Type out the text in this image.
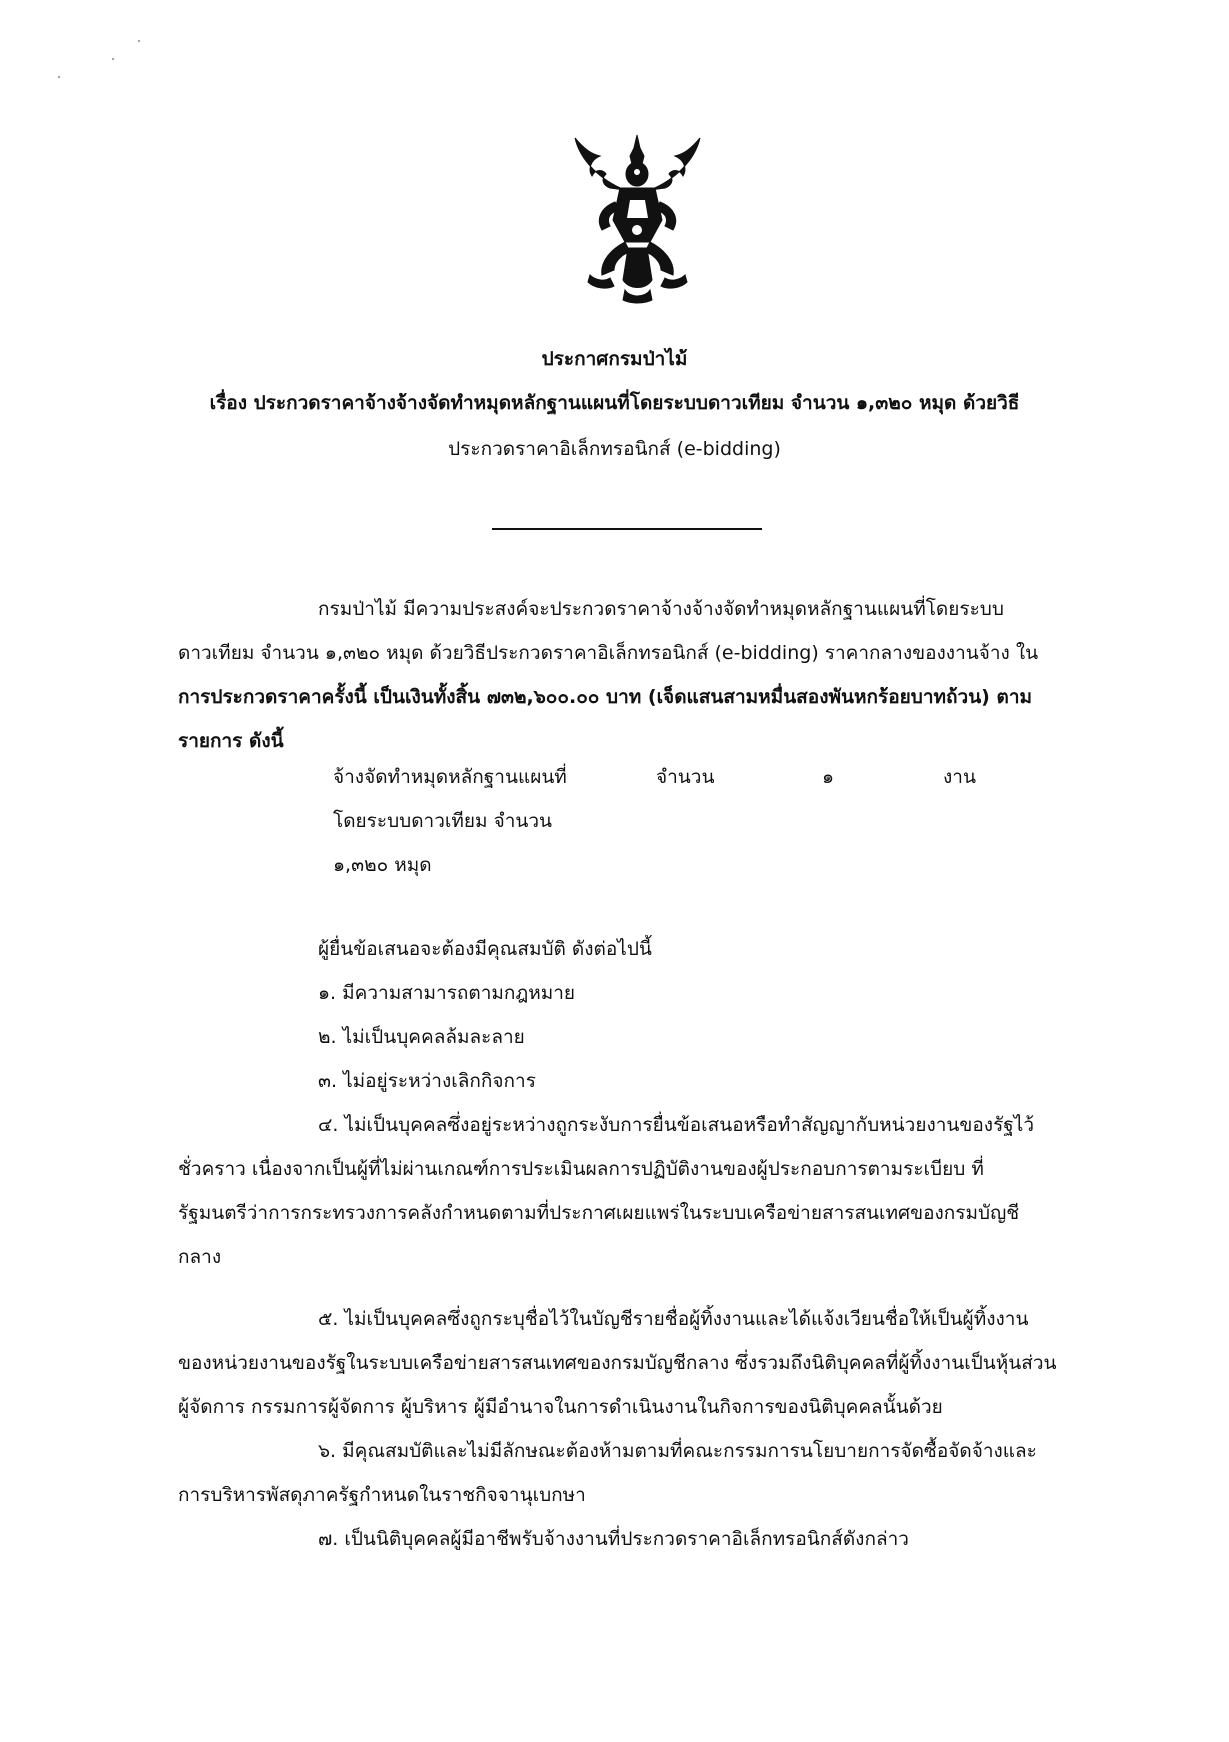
ประกาศกรมป่าไม้
เรื่อง ประกวดราคาจ้างจ้างจัดทำหมุดหลักฐานแผนที่โดยระบบดาวเทียม จำนวน ๑,๓๒๐ หมุด ด้วยวิธี
ประกวดราคาอิเล็กทรอนิกส์ (e-bidding)
กรมป่าไม้ มีความประสงค์จะประกวดราคาจ้างจ้างจัดทำหมุดหลักฐานแผนที่โดยระบบ
ดาวเทียม จำนวน ๑,๓๒๐ หมุด ด้วยวิธีประกวดราคาอิเล็กทรอนิกส์ (e-bidding) ราคากลางของงานจ้าง ใน
การประกวดราคาครั้งนี้ เป็นเงินทั้งสิ้น ๗๓๒,๖๐๐.๐๐ บาท (เจ็ดแสนสามหมื่นสองพันหกร้อยบาทถ้วน) ตาม
รายการ ดังนี้
จ้างจัดทำหมุดหลักฐานแผนที่
โดยระบบดาวเทียม จำนวน
๑,๓๒๐ หมุด
จำนวน	๑	งาน
ผู้ยื่นข้อเสนอจะต้องมีคุณสมบัติ ดังต่อไปนี้
๑. มีความสามารถตามกฎหมาย
๒. ไม่เป็นบุคคลล้มละลาย
๓. ไม่อยู่ระหว่างเลิกกิจการ
๔. ไม่เป็นบุคคลซึ่งอยู่ระหว่างถูกระงับการยื่นข้อเสนอหรือทำสัญญากับหน่วยงานของรัฐไว้
ชั่วคราว เนื่องจากเป็นผู้ที่ไม่ผ่านเกณฑ์การประเมินผลการปฏิบัติงานของผู้ประกอบการตามระเบียบ ที่
รัฐมนตรีว่าการกระทรวงการคลังกำหนดตามที่ประกาศเผยแพร่ในระบบเครือข่ายสารสนเทศของกรมบัญชี
กลาง
๕. ไม่เป็นบุคคลซึ่งถูกระบุชื่อไว้ในบัญชีรายชื่อผู้ทิ้งงานและได้แจ้งเวียนชื่อให้เป็นผู้ทิ้งงาน
ของหน่วยงานของรัฐในระบบเครือข่ายสารสนเทศของกรมบัญชีกลาง ซึ่งรวมถึงนิติบุคคลที่ผู้ทิ้งงานเป็นหุ้นส่วน
ผู้จัดการ กรรมการผู้จัดการ ผู้บริหาร ผู้มีอำนาจในการดำเนินงานในกิจการของนิติบุคคลนั้นด้วย
๖. มีคุณสมบัติและไม่มีลักษณะต้องห้ามตามที่คณะกรรมการนโยบายการจัดซื้อจัดจ้างและ
การบริหารพัสดุภาครัฐกำหนดในราชกิจจานุเบกษา
๗. เป็นนิติบุคคลผู้มีอาชีพรับจ้างงานที่ประกวดราคาอิเล็กทรอนิกส์ดังกล่าว
